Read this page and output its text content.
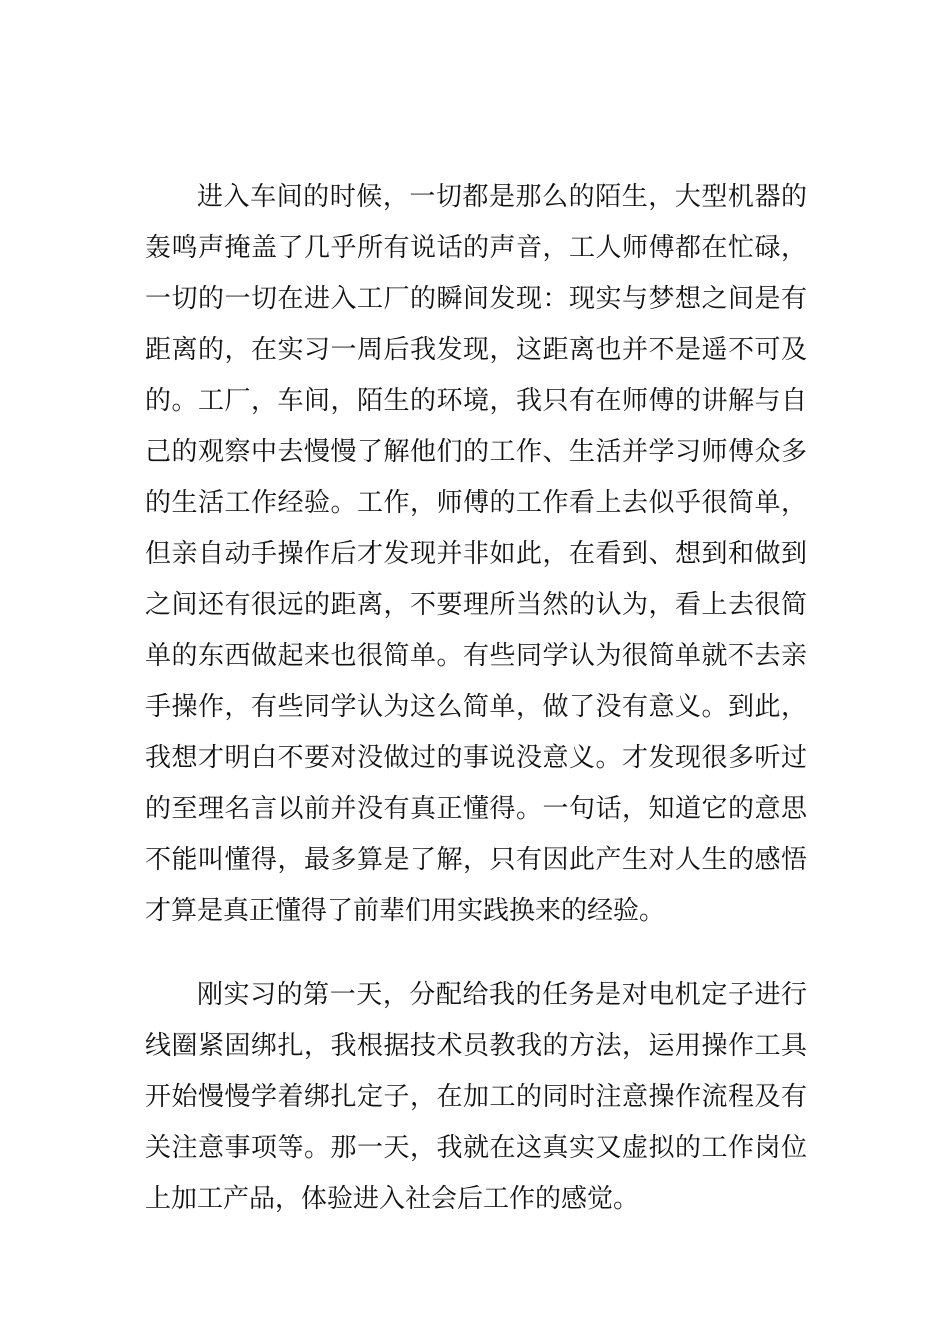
进入车间的时候，一切都是那么的陌生，大型机器的
轰鸣声掩盖了几乎所有说话的声音，工人师傅都在忙碌，
一切的一切在进入工厂的瞬间发现：现实与梦想之间是有
距离的，在实习一周后我发现，这距离也并不是遥不可及
的。工厂，车间，陌生的环境，我只有在师傅的讲解与自
己的观察中去慢慢了解他们的工作、生活并学习师傅众多
的生活工作经验。工作，师傅的工作看上去似乎很简单，
但亲自动手操作后才发现并非如此，在看到、想到和做到
之间还有很远的距离，不要理所当然的认为，看上去很简
单的东西做起来也很简单。有些同学认为很简单就不去亲
手操作，有些同学认为这么简单，做了没有意义。到此，
我想才明白不要对没做过的事说没意义。才发现很多听过
的至理名言以前并没有真正懂得。一句话，知道它的意思
不能叫懂得，最多算是了解，只有因此产生对人生的感悟
才算是真正懂得了前辈们用实践换来的经验。

刚实习的第一天，分配给我的任务是对电机定子进行
线圈紧固绑扎，我根据技术员教我的方法，运用操作工具
开始慢慢学着绑扎定子，在加工的同时注意操作流程及有
关注意事项等。那一天，我就在这真实又虚拟的工作岗位
上加工产品，体验进入社会后工作的感觉。
